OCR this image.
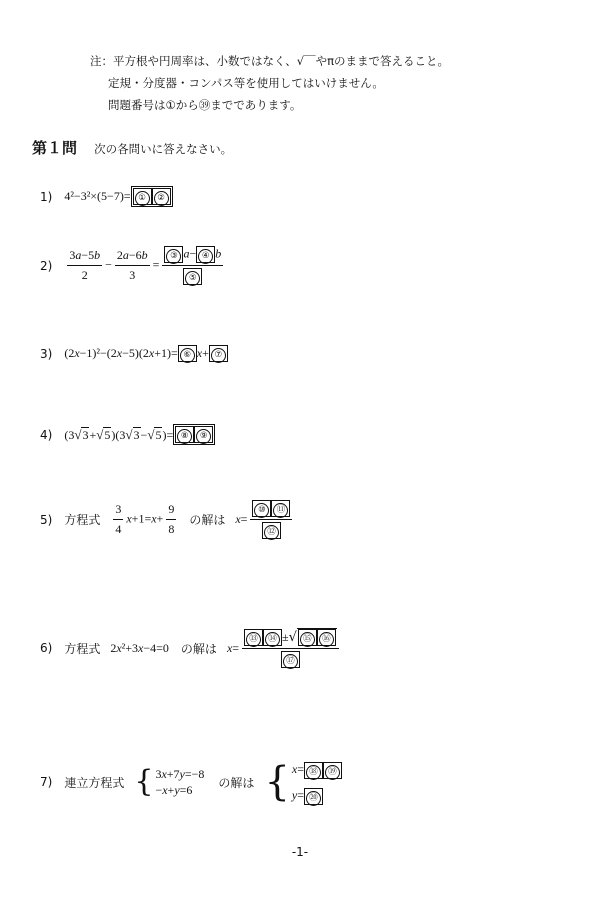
注：平方根や円周率は、小数ではなく、√￣やπのままで答えること。
定規・分度器・コンパス等を使用してはいけません。
問題番号は①から㊴までであります。
第１問 次の各問いに答えなさい。
1) 4²−3²×(5−7)= ①	②
$2) \frac{3a-5b}{2} - \frac{2a-6b}{3} = \frac{\text{③ a− ④ b}}{\text{⑤}}$
3) (2x−1)²−(2x−5)(2x+1)= ⑥ x+ ⑦
4) (3 √ 3 + √ 5 )(3 √ 3 − √ 5 )= ⑧	⑨
5) 方程式 $\frac{3}{4} x+1=x+ \frac{9}{8}$ の解は x= ⑩	⑪
⑫
6) 方程式 2x²+3x−4=0 の解は x= ⑬	⑭ ± √ ⑮	⑯
⑰
7) 連立方程式 { 3x+7y=−8
−x+y=6
の解は { x= ⑱ ⑲
y= ⑳
-1-
